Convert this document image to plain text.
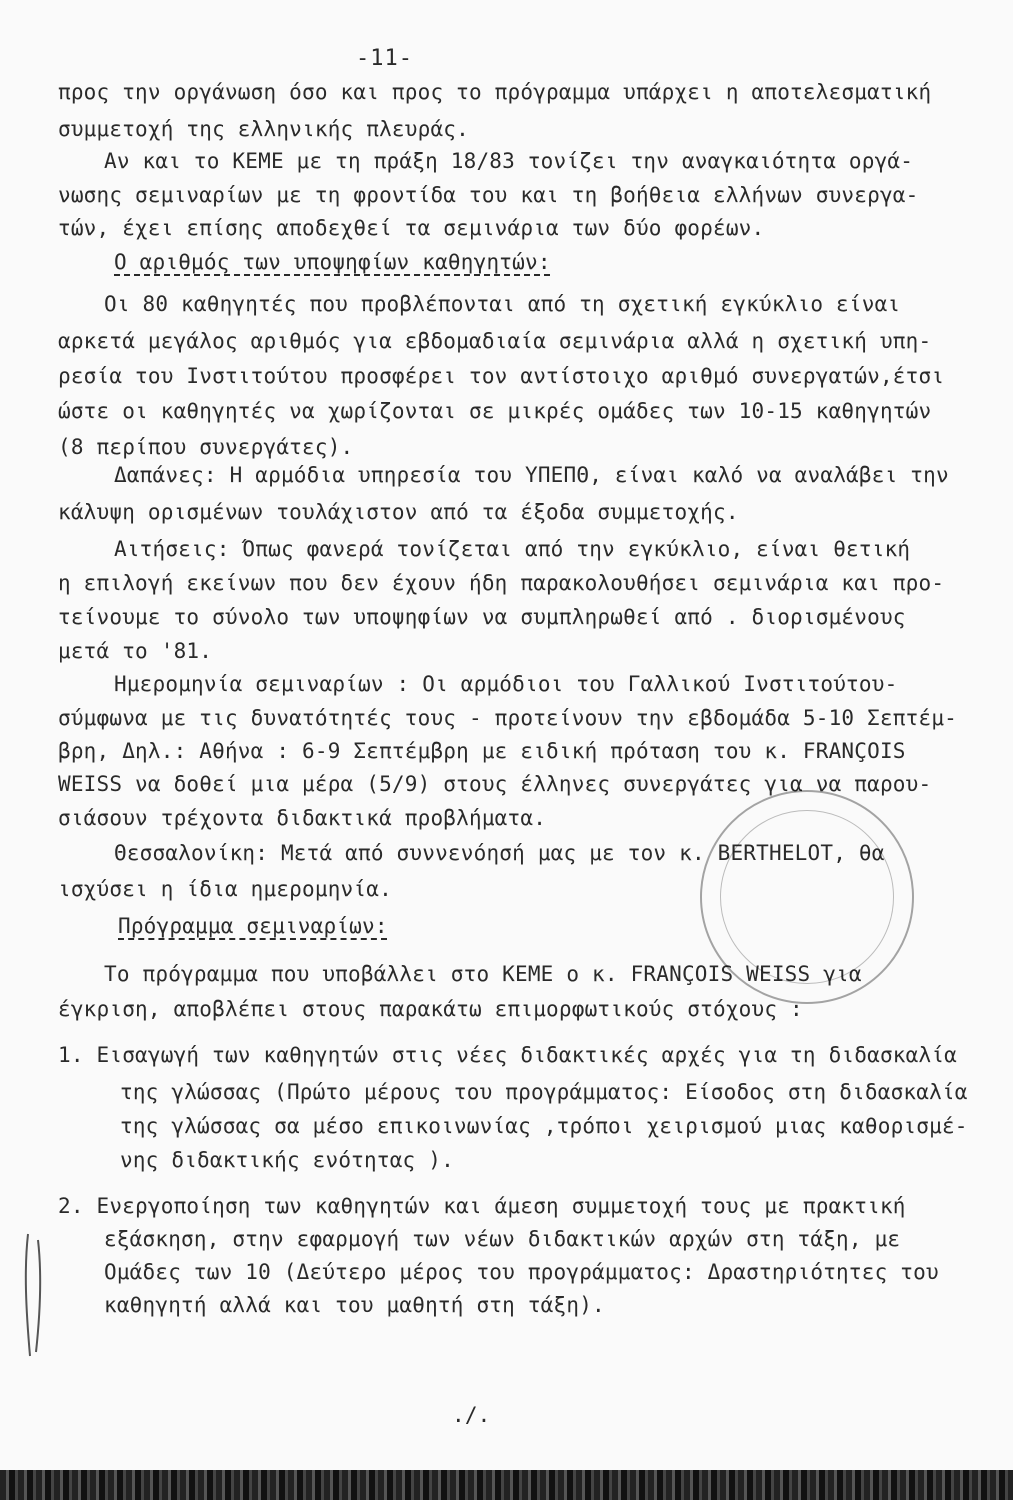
-11-
προς την οργάνωση όσο και προς το πρόγραμμα υπάρχει η αποτελεσματική
συμμετοχή της ελληνικής πλευράς.
Αν και το ΚΕΜΕ με τη πράξη 18/83 τονίζει την αναγκαιότητα οργά-
νωσης σεμιναρίων με τη φροντίδα του και τη βοήθεια ελλήνων συνεργα-
τών, έχει επίσης αποδεχθεί τα σεμινάρια των δύο φορέων.
Ο αριθμός των υποψηφίων καθηγητών:
Οι 80 καθηγητές που προβλέπονται από τη σχετική εγκύκλιο είναι
αρκετά μεγάλος αριθμός για εβδομαδιαία σεμινάρια αλλά η σχετική υπη-
ρεσία του Ινστιτούτου προσφέρει τον αντίστοιχο αριθμό συνεργατών,έτσι
ώστε οι καθηγητές να χωρίζονται σε μικρές ομάδες των 10-15 καθηγητών
(8 περίπου συνεργάτες).
Δαπάνες: Η αρμόδια υπηρεσία του ΥΠΕΠΘ, είναι καλό να αναλάβει την
κάλυψη ορισμένων τουλάχιστον από τα έξοδα συμμετοχής.
Αιτήσεις: Όπως φανερά τονίζεται από την εγκύκλιο, είναι θετική
η επιλογή εκείνων που δεν έχουν ήδη παρακολουθήσει σεμινάρια και προ-
τείνουμε το σύνολο των υποψηφίων να συμπληρωθεί από . διορισμένους
μετά το '81.
Ημερομηνία σεμιναρίων : Οι αρμόδιοι του Γαλλικού Ινστιτούτου-
σύμφωνα με τις δυνατότητές τους - προτείνουν την εβδομάδα 5-10 Σεπτέμ-
βρη, Δηλ.: Αθήνα : 6-9 Σεπτέμβρη με ειδική πρόταση του κ. FRANÇOIS
WEISS να δοθεί μια μέρα (5/9) στους έλληνες συνεργάτες για να παρου-
σιάσουν τρέχοντα διδακτικά προβλήματα.
Θεσσαλονίκη: Μετά από συννενόησή μας με τον κ. BERTHELOT, θα
ισχύσει η ίδια ημερομηνία.
Πρόγραμμα σεμιναρίων:
Το πρόγραμμα που υποβάλλει στο ΚΕΜΕ ο κ. FRANÇOIS WEISS για
έγκριση, αποβλέπει στους παρακάτω επιμορφωτικούς στόχους :
1. Εισαγωγή των καθηγητών στις νέες διδακτικές αρχές για τη διδασκαλία
της γλώσσας (Πρώτο μέρους του προγράμματος: Είσοδος στη διδασκαλία
της γλώσσας σα μέσο επικοινωνίας ,τρόποι χειρισμού μιας καθορισμέ-
νης διδακτικής ενότητας ).
2. Ενεργοποίηση των καθηγητών και άμεση συμμετοχή τους με πρακτική
εξάσκηση, στην εφαρμογή των νέων διδακτικών αρχών στη τάξη, με
Ομάδες των 10 (Δεύτερο μέρος του προγράμματος: Δραστηριότητες του
καθηγητή αλλά και του μαθητή στη τάξη).
./.
